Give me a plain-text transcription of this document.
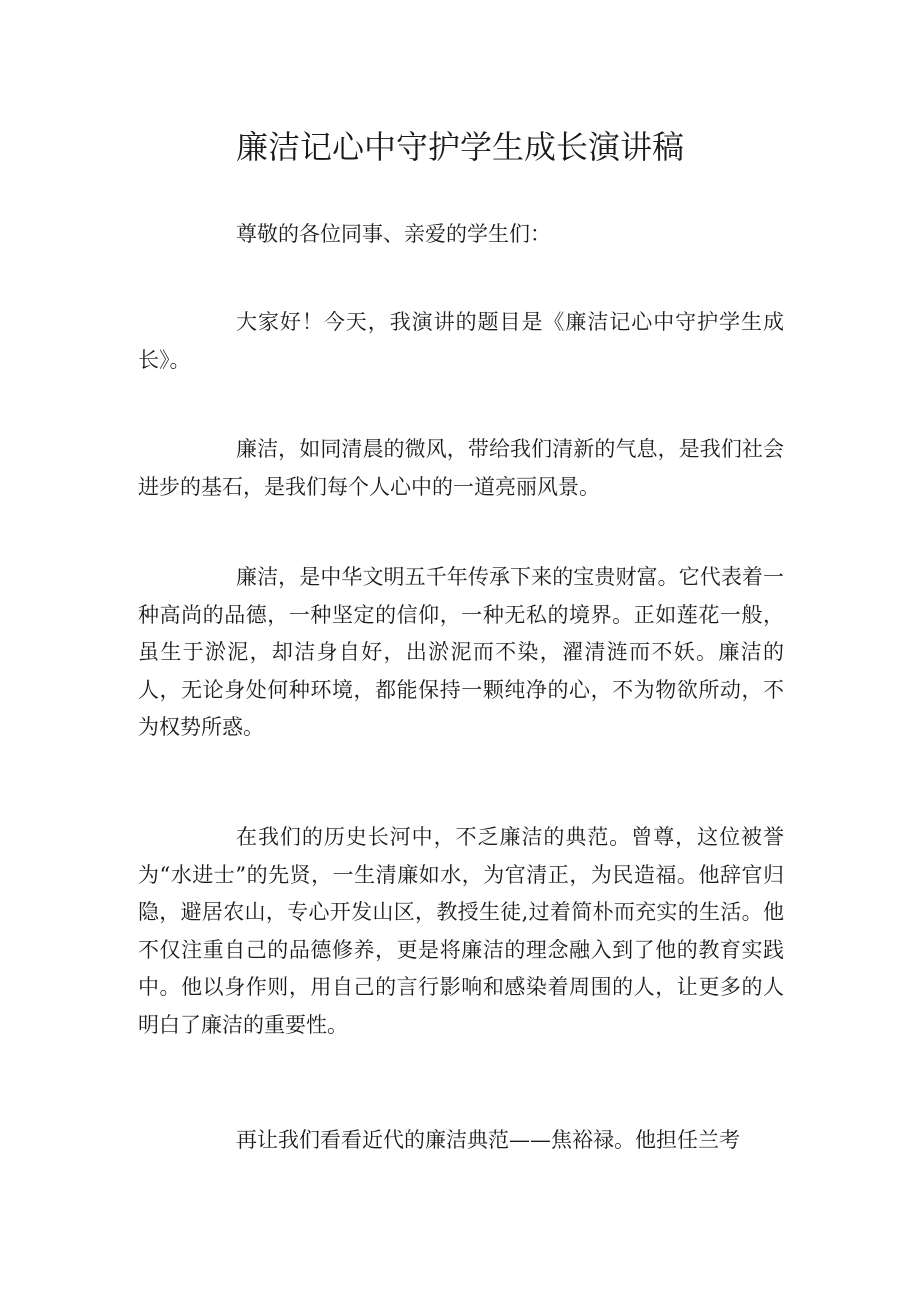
廉洁记心中守护学生成长演讲稿

尊敬的各位同事、亲爱的学生们：

大家好！今天，我演讲的题目是《廉洁记心中守护学生成长》。

廉洁，如同清晨的微风，带给我们清新的气息，是我们社会进步的基石，是我们每个人心中的一道亮丽风景。

廉洁，是中华文明五千年传承下来的宝贵财富。它代表着一种高尚的品德，一种坚定的信仰，一种无私的境界。正如莲花一般，虽生于淤泥，却洁身自好，出淤泥而不染，濯清涟而不妖。廉洁的人，无论身处何种环境，都能保持一颗纯净的心，不为物欲所动，不为权势所惑。

在我们的历史长河中，不乏廉洁的典范。曾尊，这位被誉为“水进士”的先贤，一生清廉如水，为官清正，为民造福。他辞官归隐，避居农山，专心开发山区，教授生徒,过着简朴而充实的生活。他不仅注重自己的品德修养，更是将廉洁的理念融入到了他的教育实践中。他以身作则，用自己的言行影响和感染着周围的人，让更多的人明白了廉洁的重要性。

再让我们看看近代的廉洁典范——焦裕禄。他担任兰考
